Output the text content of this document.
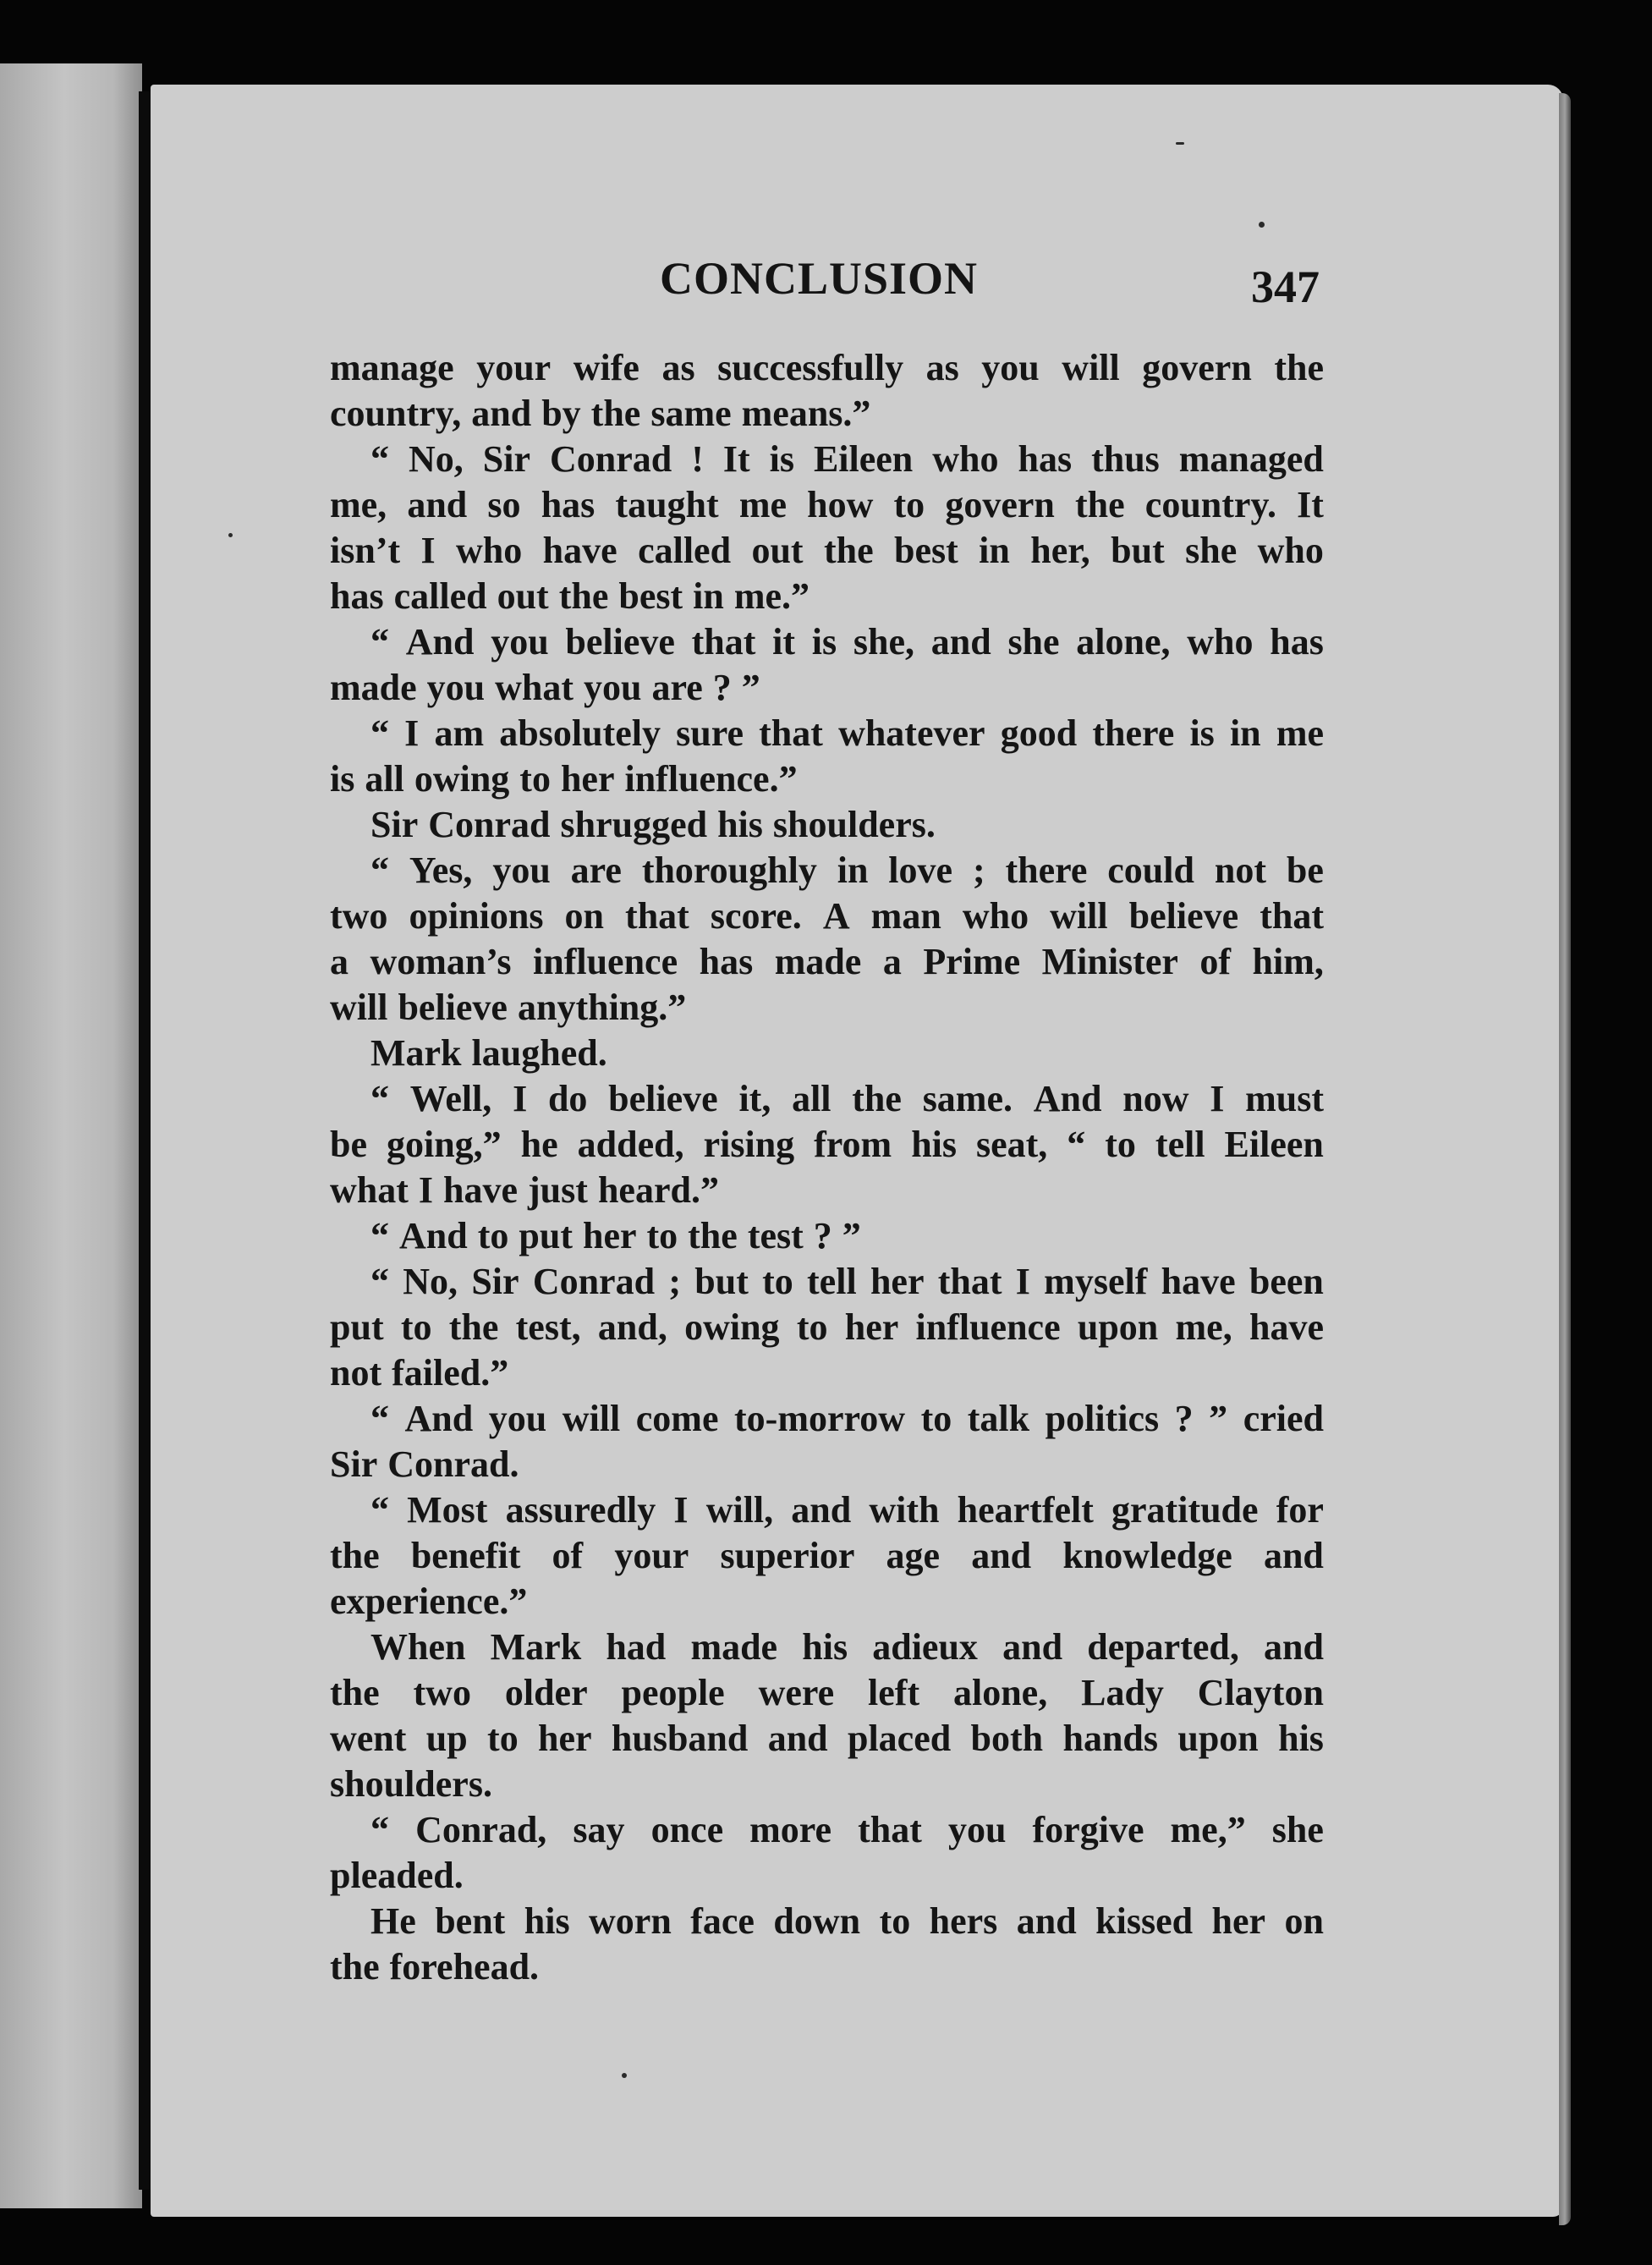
CONCLUSION	347
manage your wife as successfully as you will govern the
country, and by the same means.”
“ No, Sir Conrad ! It is Eileen who has thus managed
me, and so has taught me how to govern the country. It
isn’t I who have called out the best in her, but she who
has called out the best in me.”
“ And you believe that it is she, and she alone, who has
made you what you are ? ”
“ I am absolutely sure that whatever good there is in me
is all owing to her influence.”
Sir Conrad shrugged his shoulders.
“ Yes, you are thoroughly in love ; there could not be
two opinions on that score. A man who will believe that
a woman’s influence has made a Prime Minister of him,
will believe anything.”
Mark laughed.
“ Well, I do believe it, all the same. And now I must
be going,” he added, rising from his seat, “ to tell Eileen
what I have just heard.”
“ And to put her to the test ? ”
“ No, Sir Conrad ; but to tell her that I myself have been
put to the test, and, owing to her influence upon me, have
not failed.”
“ And you will come to-morrow to talk politics ? ” cried
Sir Conrad.
“ Most assuredly I will, and with heartfelt gratitude for
the benefit of your superior age and knowledge and
experience.”
When Mark had made his adieux and departed, and
the two older people were left alone, Lady Clayton
went up to her husband and placed both hands upon his
shoulders.
“ Conrad, say once more that you forgive me,” she
pleaded.
He bent his worn face down to hers and kissed her on
the forehead.
